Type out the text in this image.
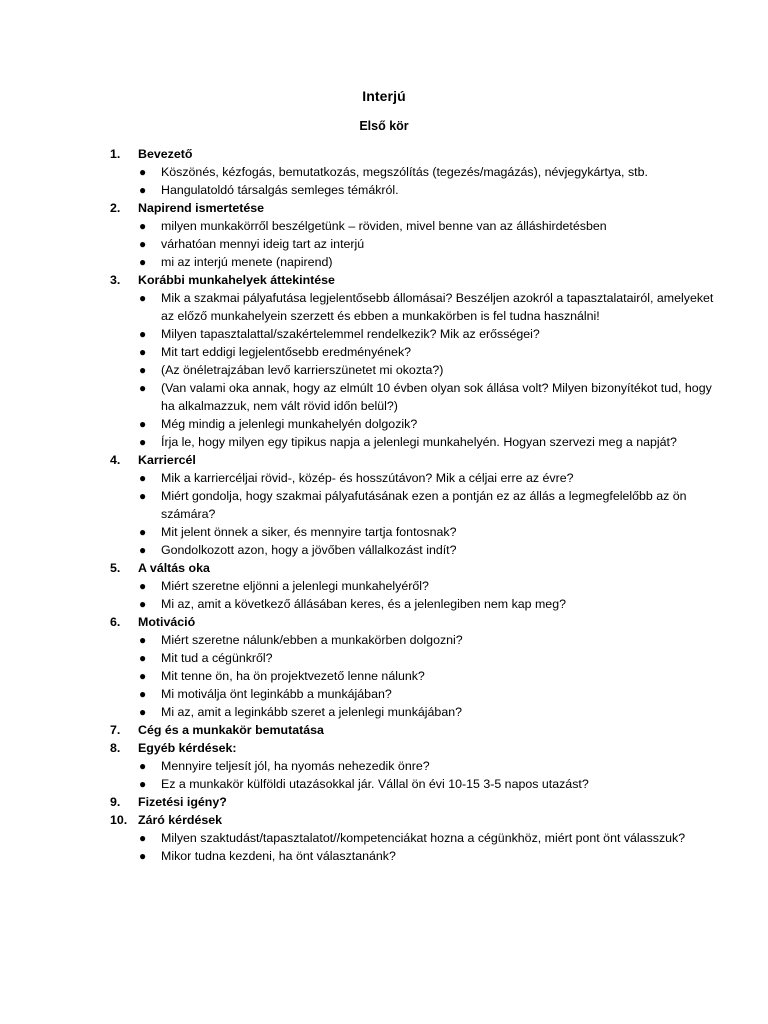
Interjú
Első kör
1.	Bevezető
● Köszönés, kézfogás, bemutatkozás, megszólítás (tegezés/magázás), névjegykártya, stb.
● Hangulatoldó társalgás semleges témákról.
2.	Napirend ismertetése
● milyen munkakörről beszélgetünk – röviden, mivel benne van az álláshirdetésben
● várhatóan mennyi ideig tart az interjú
● mi az interjú menete (napirend)
3.	Korábbi munkahelyek áttekintése
● Mik a szakmai pályafutása legjelentősebb állomásai? Beszéljen azokról a tapasztalatairól, amelyeket az előző munkahelyein szerzett és ebben a munkakörben is fel tudna használni!
● Milyen tapasztalattal/szakértelemmel rendelkezik? Mik az erősségei?
● Mit tart eddigi legjelentősebb eredményének?
● (Az önéletrajzában levő karrierszünetet mi okozta?)
● (Van valami oka annak, hogy az elmúlt 10 évben olyan sok állása volt? Milyen bizonyítékot tud, hogy ha alkalmazzuk, nem vált rövid időn belül?)
● Még mindig a jelenlegi munkahelyén dolgozik?
● Írja le, hogy milyen egy tipikus napja a jelenlegi munkahelyén. Hogyan szervezi meg a napját?
4.	Karriercél
● Mik a karriercéljai rövid-, közép- és hosszútávon? Mik a céljai erre az évre?
● Miért gondolja, hogy szakmai pályafutásának ezen a pontján ez az állás a legmegfelelőbb az ön számára?
● Mit jelent önnek a siker, és mennyire tartja fontosnak?
● Gondolkozott azon, hogy a jövőben vállalkozást indít?
5.	A váltás oka
● Miért szeretne eljönni a jelenlegi munkahelyéről?
● Mi az, amit a következő állásában keres, és a jelenlegiben nem kap meg?
6.	Motiváció
● Miért szeretne nálunk/ebben a munkakörben dolgozni?
● Mit tud a cégünkről?
● Mit tenne ön, ha ön projektvezető lenne nálunk?
● Mi motiválja önt leginkább a munkájában?
● Mi az, amit a leginkább szeret a jelenlegi munkájában?
7.	Cég és a munkakör bemutatása
8.	Egyéb kérdések:
● Mennyire teljesít jól, ha nyomás nehezedik önre?
● Ez a munkakör külföldi utazásokkal jár. Vállal ön évi 10-15 3-5 napos utazást?
9.	Fizetési igény?
10. Záró kérdések
● Milyen szaktudást/tapasztalatot//kompetenciákat hozna a cégünkhöz, miért pont önt válasszuk?
● Mikor tudna kezdeni, ha önt választanánk?
